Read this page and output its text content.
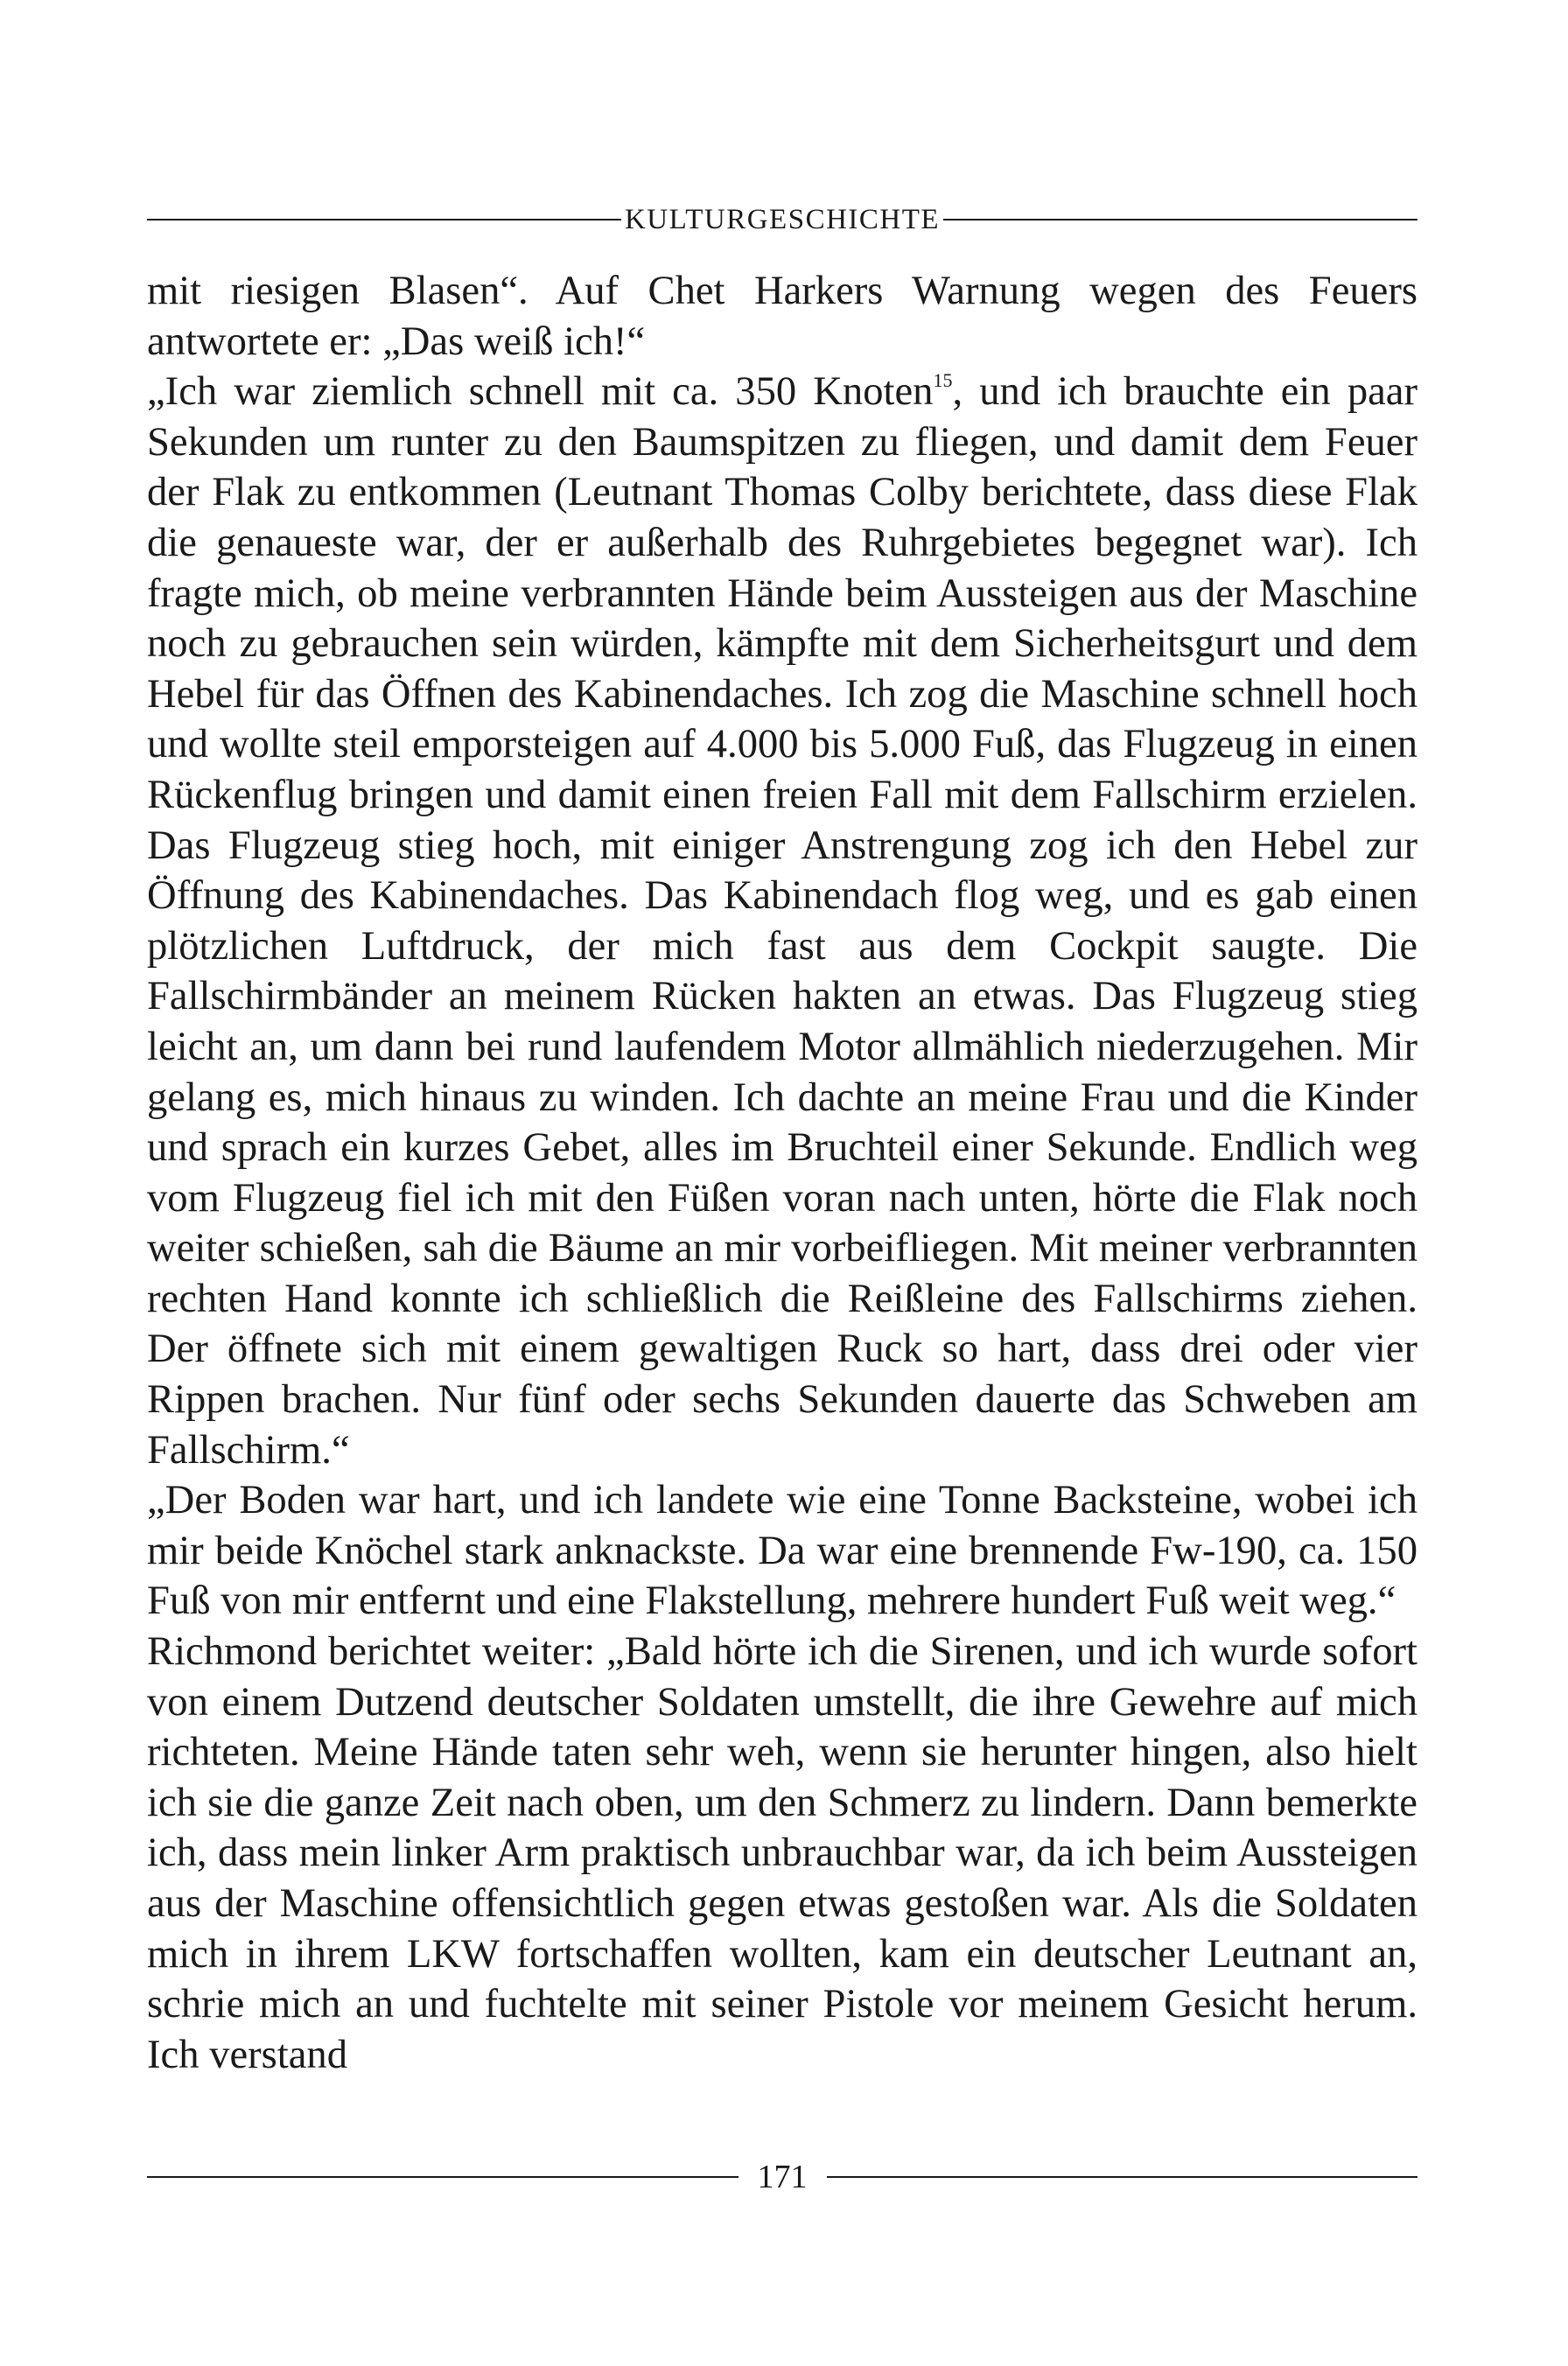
KULTURGESCHICHTE

mit riesigen Blasen“. Auf Chet Harkers Warnung wegen des Feuers antwortete er: „Das weiß ich!“

„Ich war ziemlich schnell mit ca. 350 Knoten$^{15}$, und ich brauchte ein paar Sekunden um runter zu den Baumspitzen zu fliegen, und damit dem Feuer der Flak zu entkommen (Leutnant Thomas Colby berichtete, dass diese Flak die genaueste war, der er außerhalb des Ruhrgebietes begegnet war). Ich fragte mich, ob meine verbrannten Hände beim Aussteigen aus der Maschine noch zu gebrauchen sein würden, kämpfte mit dem Sicherheitsgurt und dem Hebel für das Öffnen des Kabinendaches. Ich zog die Maschine schnell hoch und wollte steil emporsteigen auf 4.000 bis 5.000 Fuß, das Flugzeug in einen Rückenflug bringen und damit einen freien Fall mit dem Fallschirm erzielen. Das Flugzeug stieg hoch, mit einiger Anstrengung zog ich den Hebel zur Öffnung des Kabinendaches. Das Kabinendach flog weg, und es gab einen plötzlichen Luftdruck, der mich fast aus dem Cockpit saugte. Die Fallschirmbänder an meinem Rücken hakten an etwas. Das Flugzeug stieg leicht an, um dann bei rund laufendem Motor allmählich niederzugehen. Mir gelang es, mich hinaus zu winden. Ich dachte an meine Frau und die Kinder und sprach ein kurzes Gebet, alles im Bruchteil einer Sekunde. Endlich weg vom Flugzeug fiel ich mit den Füßen voran nach unten, hörte die Flak noch weiter schießen, sah die Bäume an mir vorbeifliegen. Mit meiner verbrannten rechten Hand konnte ich schließlich die Reißleine des Fallschirms ziehen. Der öffnete sich mit einem gewaltigen Ruck so hart, dass drei oder vier Rippen brachen. Nur fünf oder sechs Sekunden dauerte das Schweben am Fallschirm.“

„Der Boden war hart, und ich landete wie eine Tonne Backsteine, wobei ich mir beide Knöchel stark anknackste. Da war eine brennende Fw-190, ca. 150 Fuß von mir entfernt und eine Flakstellung, mehrere hundert Fuß weit weg.“

Richmond berichtet weiter: „Bald hörte ich die Sirenen, und ich wurde sofort von einem Dutzend deutscher Soldaten umstellt, die ihre Gewehre auf mich richteten. Meine Hände taten sehr weh, wenn sie herunter hingen, also hielt ich sie die ganze Zeit nach oben, um den Schmerz zu lindern. Dann bemerkte ich, dass mein linker Arm praktisch unbrauchbar war, da ich beim Aussteigen aus der Maschine offensichtlich gegen etwas gestoßen war. Als die Soldaten mich in ihrem LKW fortschaffen wollten, kam ein deutscher Leutnant an, schrie mich an und fuchtelte mit seiner Pistole vor meinem Gesicht herum. Ich verstand

171
